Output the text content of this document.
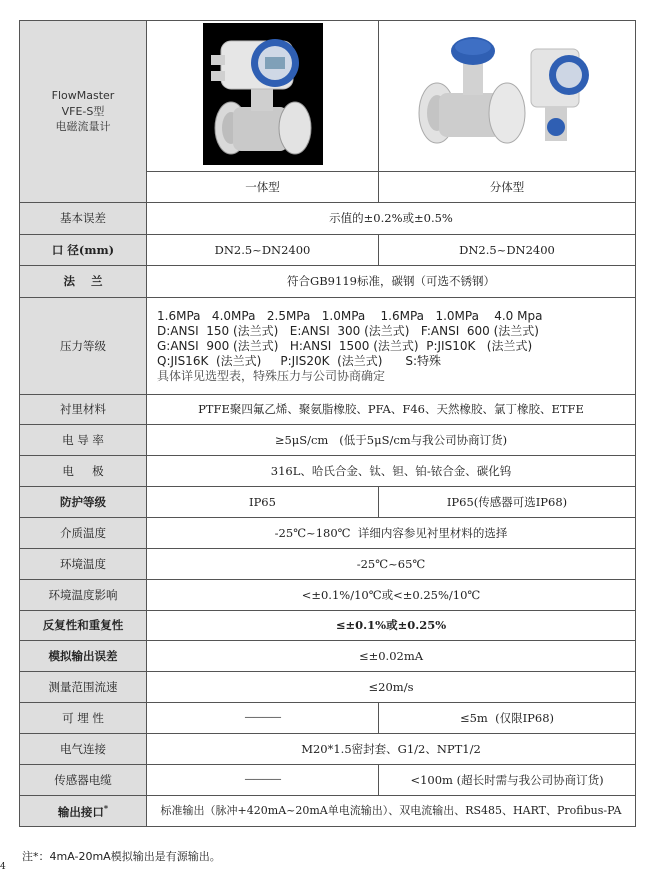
FlowMaster
VFE-S型
电磁流量计

	一体型	分体型
基本误差	示值的±0.2%或±0.5%	
口 径(mm)	DN2.5~DN2400	DN2.5~DN2400
法    兰	符合GB9119标准，碳钢（可选不锈钢）	
压力等级	1.6MPa   4.0MPa   2.5MPa   1.0MPa    1.6MPa   1.0MPa    4.0 Mpa
D:ANSI  150 (法兰式)   E:ANSI  300 (法兰式)   F:ANSI  600 (法兰式)
G:ANSI  900 (法兰式)   H:ANSI  1500 (法兰式)  P:JIS10K   (法兰式)
Q:JIS16K  (法兰式)     P:JIS20K  (法兰式)      S:特殊
具体详见选型表，特殊压力与公司协商确定	

衬里材料	PTFE聚四氟乙烯、聚氨脂橡胶、PFA、F46、天然橡胶、氯丁橡胶、ETFE	
电 导 率	≥5μS/cm   (低于5μS/cm与我公司协商订货)	
电     极	316L、哈氏合金、钛、钽、铂-铱合金、碳化钨	
防护等级	IP65	IP65(传感器可选IP68)
介质温度	-25℃~180℃  详细内容参见衬里材料的选择	
环境温度	-25℃~65℃	
环境温度影响	<±0.1%/10℃或<±0.25%/10℃	
反复性和重复性	≤±0.1%或±0.25%	
模拟输出误差	≤±0.02mA	
测量范围流速	≤20m/s	
可 埋 性	————	≤5m  (仅限IP68)
电气连接	M20*1.5密封套、G1/2、NPT1/2	
传感器电缆	————	<100m (超长时需与我公司协商订货)
输出接口*	标准输出（脉冲+420mA~20mA单电流输出）、双电流输出、RS485、HART、Profibus-PA	
注*：4mA-20mA模拟输出是有源输出。
4
